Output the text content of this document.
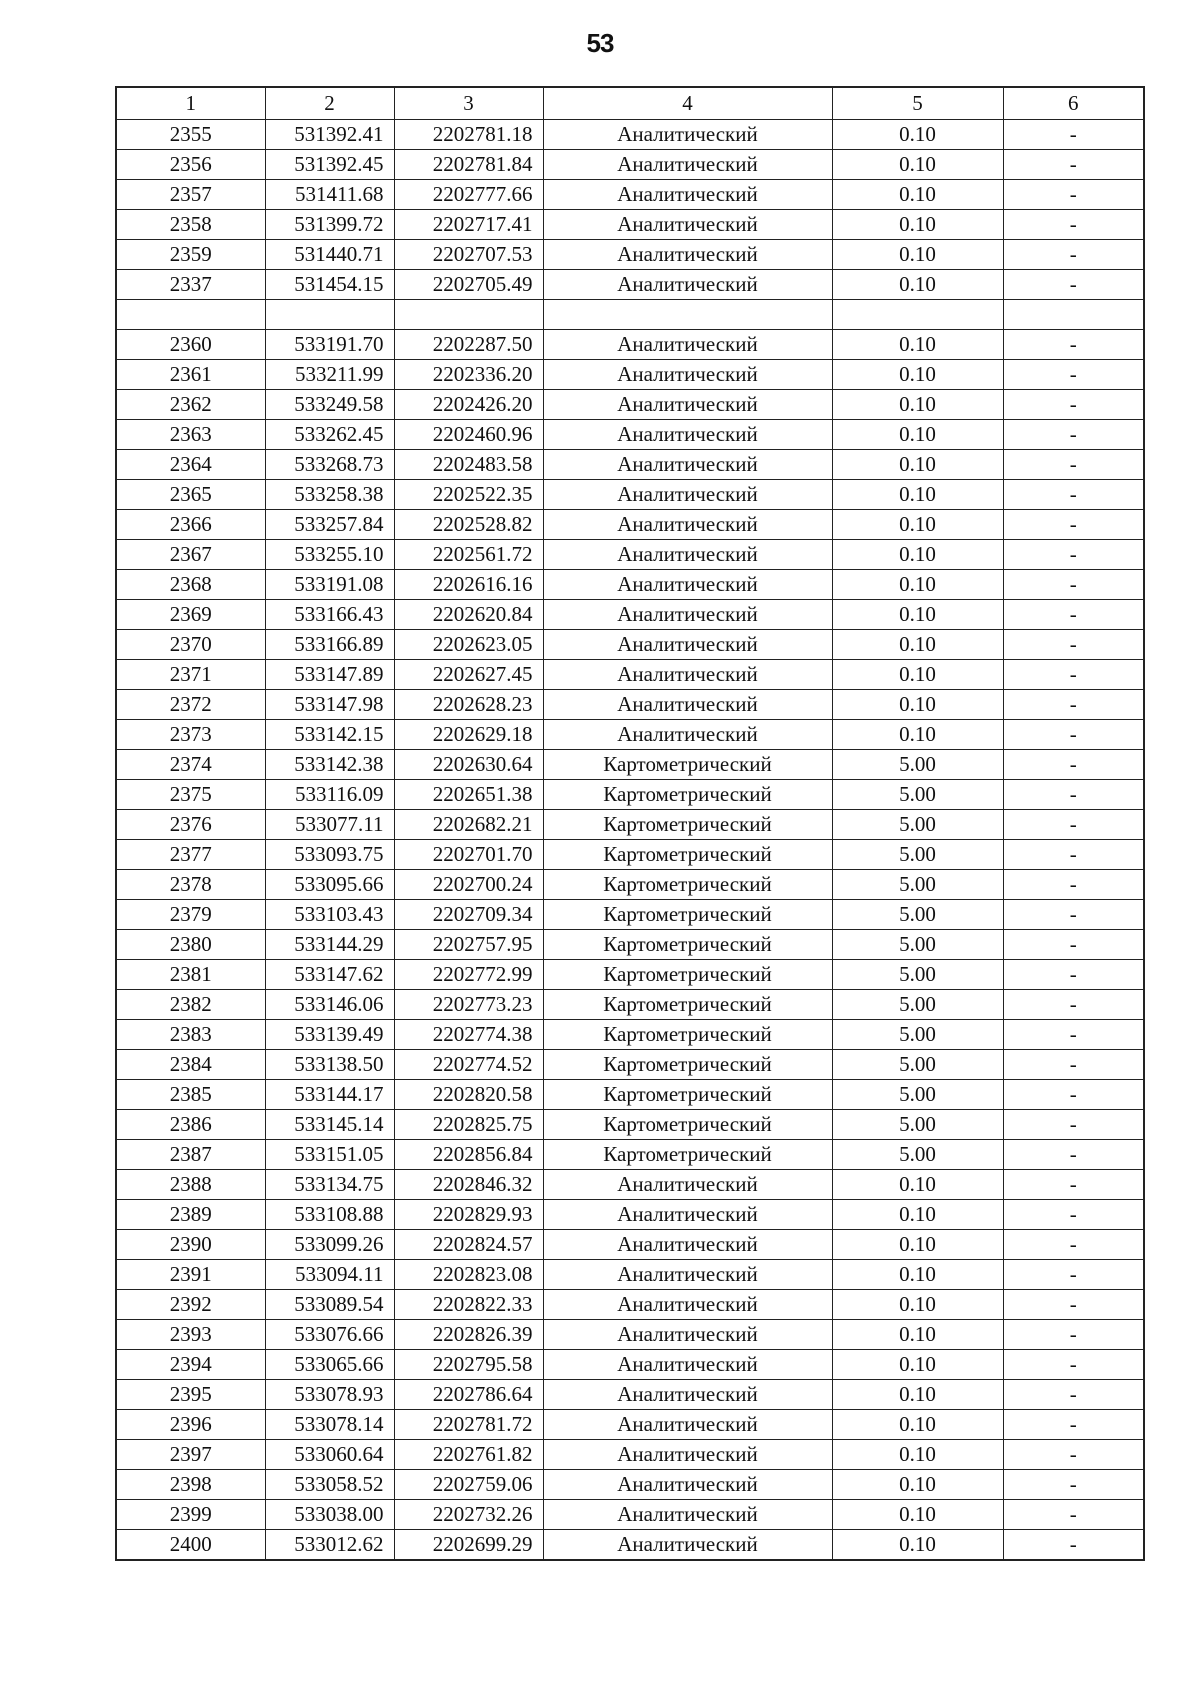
53
1	2	3	4	5	6
2355	531392.41	2202781.18	Аналитический	0.10	-
2356	531392.45	2202781.84	Аналитический	0.10	-
2357	531411.68	2202777.66	Аналитический	0.10	-
2358	531399.72	2202717.41	Аналитический	0.10	-
2359	531440.71	2202707.53	Аналитический	0.10	-
2337	531454.15	2202705.49	Аналитический	0.10	-

2360	533191.70	2202287.50	Аналитический	0.10	-
2361	533211.99	2202336.20	Аналитический	0.10	-
2362	533249.58	2202426.20	Аналитический	0.10	-
2363	533262.45	2202460.96	Аналитический	0.10	-
2364	533268.73	2202483.58	Аналитический	0.10	-
2365	533258.38	2202522.35	Аналитический	0.10	-
2366	533257.84	2202528.82	Аналитический	0.10	-
2367	533255.10	2202561.72	Аналитический	0.10	-
2368	533191.08	2202616.16	Аналитический	0.10	-
2369	533166.43	2202620.84	Аналитический	0.10	-
2370	533166.89	2202623.05	Аналитический	0.10	-
2371	533147.89	2202627.45	Аналитический	0.10	-
2372	533147.98	2202628.23	Аналитический	0.10	-
2373	533142.15	2202629.18	Аналитический	0.10	-
2374	533142.38	2202630.64	Картометрический	5.00	-
2375	533116.09	2202651.38	Картометрический	5.00	-
2376	533077.11	2202682.21	Картометрический	5.00	-
2377	533093.75	2202701.70	Картометрический	5.00	-
2378	533095.66	2202700.24	Картометрический	5.00	-
2379	533103.43	2202709.34	Картометрический	5.00	-
2380	533144.29	2202757.95	Картометрический	5.00	-
2381	533147.62	2202772.99	Картометрический	5.00	-
2382	533146.06	2202773.23	Картометрический	5.00	-
2383	533139.49	2202774.38	Картометрический	5.00	-
2384	533138.50	2202774.52	Картометрический	5.00	-
2385	533144.17	2202820.58	Картометрический	5.00	-
2386	533145.14	2202825.75	Картометрический	5.00	-
2387	533151.05	2202856.84	Картометрический	5.00	-
2388	533134.75	2202846.32	Аналитический	0.10	-
2389	533108.88	2202829.93	Аналитический	0.10	-
2390	533099.26	2202824.57	Аналитический	0.10	-
2391	533094.11	2202823.08	Аналитический	0.10	-
2392	533089.54	2202822.33	Аналитический	0.10	-
2393	533076.66	2202826.39	Аналитический	0.10	-
2394	533065.66	2202795.58	Аналитический	0.10	-
2395	533078.93	2202786.64	Аналитический	0.10	-
2396	533078.14	2202781.72	Аналитический	0.10	-
2397	533060.64	2202761.82	Аналитический	0.10	-
2398	533058.52	2202759.06	Аналитический	0.10	-
2399	533038.00	2202732.26	Аналитический	0.10	-
2400	533012.62	2202699.29	Аналитический	0.10	-
